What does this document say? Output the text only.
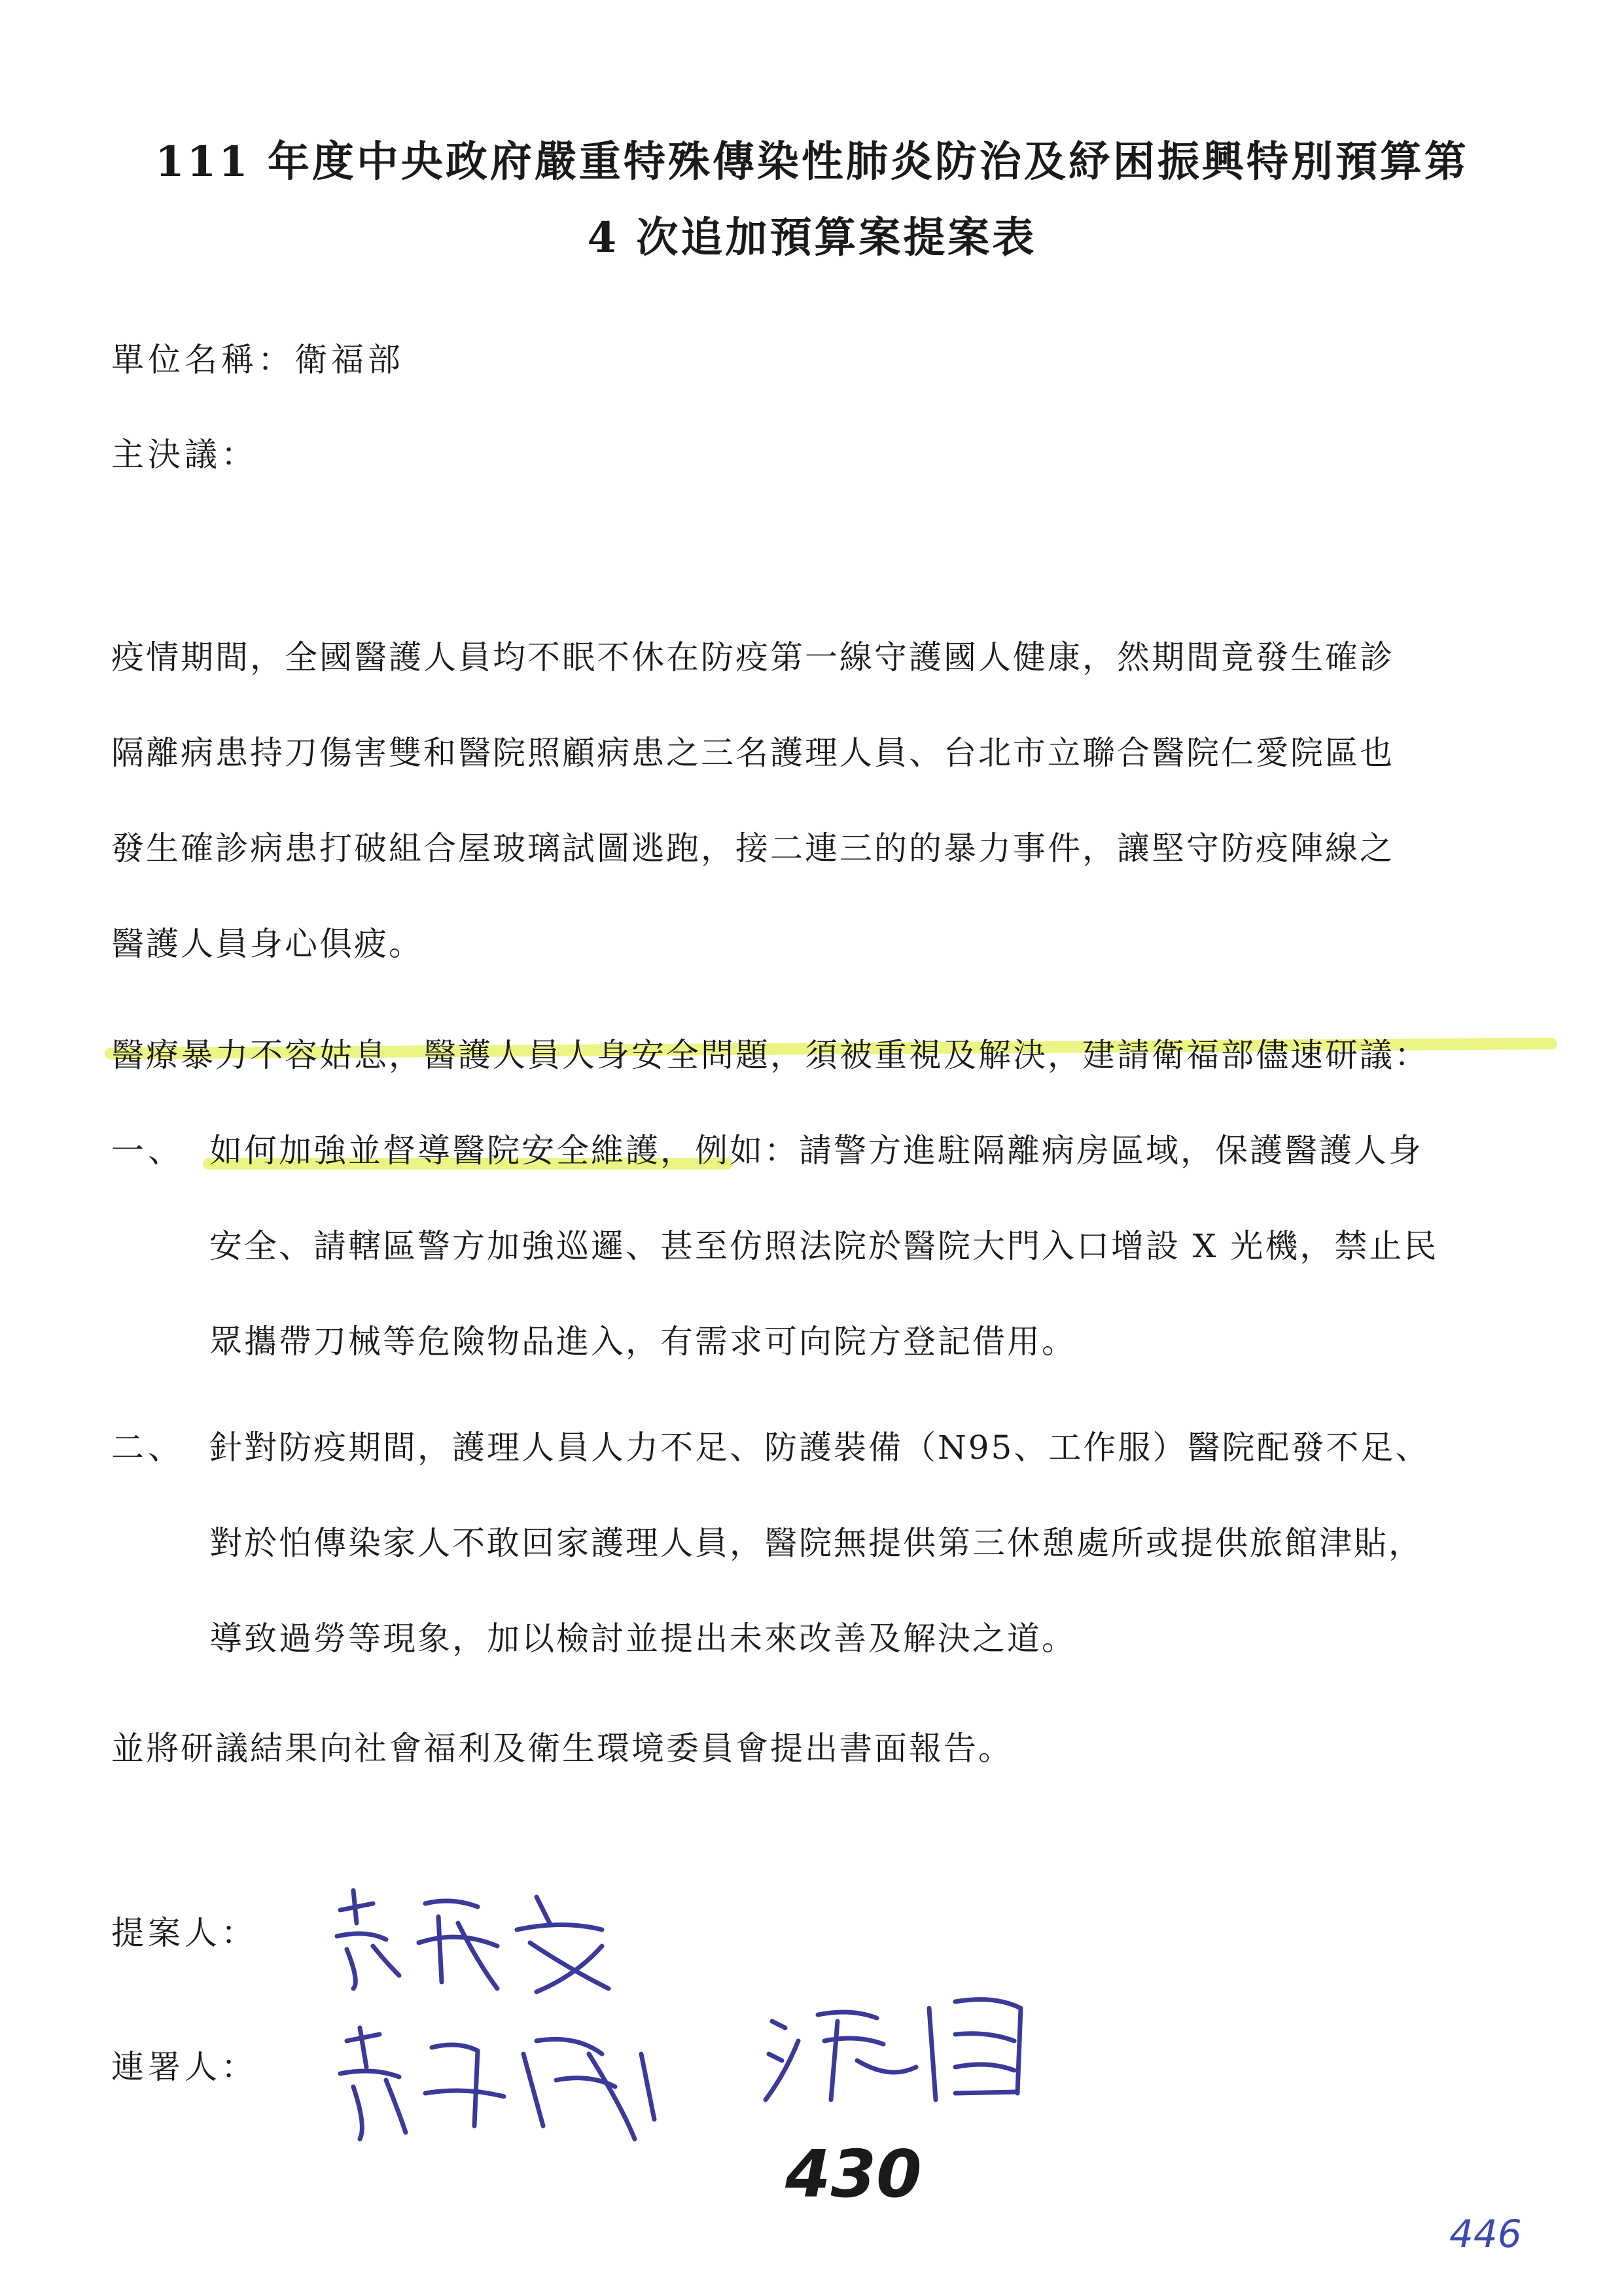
111 年度中央政府嚴重特殊傳染性肺炎防治及紓困振興特別預算第
4 次追加預算案提案表
單位名稱：衛福部
主決議：

疫情期間，全國醫護人員均不眠不休在防疫第一線守護國人健康，然期間竟發生確診

隔離病患持刀傷害雙和醫院照顧病患之三名護理人員、台北市立聯合醫院仁愛院區也

發生確診病患打破組合屋玻璃試圖逃跑，接二連三的的暴力事件，讓堅守防疫陣線之

醫護人員身心俱疲。

醫療暴力不容姑息，醫護人員人身安全問題，須被重視及解決，建請衛福部儘速研議：

一、 如何加強並督導醫院安全維護，例如：請警方進駐隔離病房區域，保護醫護人身

安全、請轄區警方加強巡邏、甚至仿照法院於醫院大門入口增設 X 光機，禁止民

眾攜帶刀械等危險物品進入，有需求可向院方登記借用。

二、 針對防疫期間，護理人員人力不足、防護裝備（N95、工作服）醫院配發不足、

對於怕傳染家人不敢回家護理人員，醫院無提供第三休憩處所或提供旅館津貼，

導致過勞等現象，加以檢討並提出未來改善及解決之道。

並將研議結果向社會福利及衛生環境委員會提出書面報告。

提案人：
連署人：
430
446
